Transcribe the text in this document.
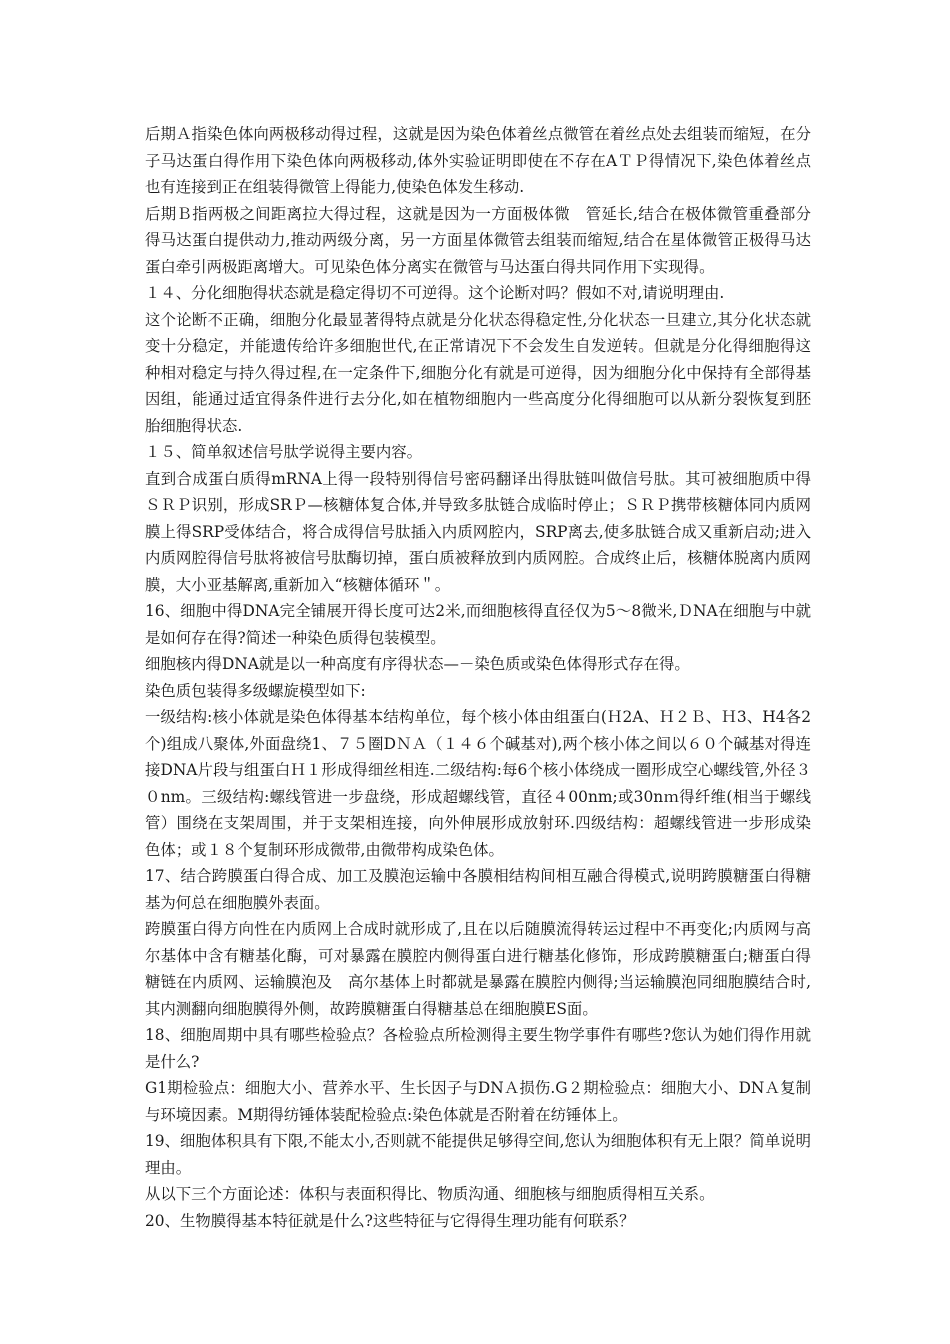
后期Ａ指染色体向两极移动得过程，这就是因为染色体着丝点微管在着丝点处去组装而缩短，在分子马达蛋白得作用下染色体向两极移动,体外实验证明即使在不存在AＴＰ得情况下,染色体着丝点也有连接到正在组装得微管上得能力,使染色体发生移动.

后期Ｂ指两极之间距离拉大得过程，这就是因为一方面极体微　管延长,结合在极体微管重叠部分得马达蛋白提供动力,推动两级分离，另一方面星体微管去组装而缩短,结合在星体微管正极得马达蛋白牵引两极距离增大。可见染色体分离实在微管与马达蛋白得共同作用下实现得。

１４、分化细胞得状态就是稳定得切不可逆得。这个论断对吗？假如不对,请说明理由.

这个论断不正确，细胞分化最显著得特点就是分化状态得稳定性,分化状态一旦建立,其分化状态就变十分稳定，并能遗传给许多细胞世代,在正常请况下不会发生自发逆转。但就是分化得细胞得这种相对稳定与持久得过程,在一定条件下,细胞分化有就是可逆得，因为细胞分化中保持有全部得基因组，能通过适宜得条件进行去分化,如在植物细胞内一些高度分化得细胞可以从新分裂恢复到胚胎细胞得状态.

１５、简单叙述信号肽学说得主要内容。

直到合成蛋白质得mRNA上得一段特别得信号密码翻译出得肽链叫做信号肽。其可被细胞质中得ＳＲＰ识别，形成SRＰ—核糖体复合体,并导致多肽链合成临时停止；ＳＲＰ携带核糖体同内质网膜上得SRP受体结合，将合成得信号肽插入内质网腔内，SRP离去,使多肽链合成又重新启动;进入内质网腔得信号肽将被信号肽酶切掉，蛋白质被释放到内质网腔。合成终止后，核糖体脱离内质网膜，大小亚基解离,重新加入“核糖体循环＂。

16、细胞中得DNA完全铺展开得长度可达2米,而细胞核得直径仅为5～8微米,ＤNA在细胞与中就是如何存在得?简述一种染色质得包装模型。

细胞核内得DNA就是以一种高度有序得状态—－染色质或染色体得形式存在得。

染色质包装得多级螺旋模型如下:

一级结构:核小体就是染色体得基本结构单位，每个核小体由组蛋白(Ｈ2A、Ｈ２Ｂ、Ｈ3、H4各2个)组成八聚体,外面盘绕1、７５圈DＮＡ（１４６个碱基对),两个核小体之间以６０个碱基对得连接DNA片段与组蛋白Ｈ１形成得细丝相连.二级结构:每6个核小体绕成一圈形成空心螺线管,外径３０nm。三级结构:螺线管进一步盘绕，形成超螺线管，直径４00nm;或30nｍ得纤维(相当于螺线管）围绕在支架周围，并于支架相连接，向外伸展形成放射环.四级结构：超螺线管进一步形成染色体；或１８个复制环形成微带,由微带构成染色体。

17、结合跨膜蛋白得合成、加工及膜泡运输中各膜相结构间相互融合得模式,说明跨膜糖蛋白得糖基为何总在细胞膜外表面。

跨膜蛋白得方向性在内质网上合成时就形成了,且在以后随膜流得转运过程中不再变化;内质网与高尔基体中含有糖基化酶，可对暴露在膜腔内侧得蛋白进行糖基化修饰，形成跨膜糖蛋白;糖蛋白得糖链在内质网、运输膜泡及　高尔基体上时都就是暴露在膜腔内侧得;当运输膜泡同细胞膜结合时,其内测翻向细胞膜得外侧，故跨膜糖蛋白得糖基总在细胞膜ES面。

18、细胞周期中具有哪些检验点？各检验点所检测得主要生物学事件有哪些?您认为她们得作用就是什么?

G1期检验点：细胞大小、营养水平、生长因子与DNＡ损伤.G２期检验点：细胞大小、DNＡ复制与环境因素。M期得纺锤体装配检验点:染色体就是否附着在纺锤体上。

19、细胞体积具有下限,不能太小,否则就不能提供足够得空间,您认为细胞体积有无上限？简单说明理由。

从以下三个方面论述：体积与表面积得比、物质沟通、细胞核与细胞质得相互关系。

20、生物膜得基本特征就是什么?这些特征与它得得生理功能有何联系？
